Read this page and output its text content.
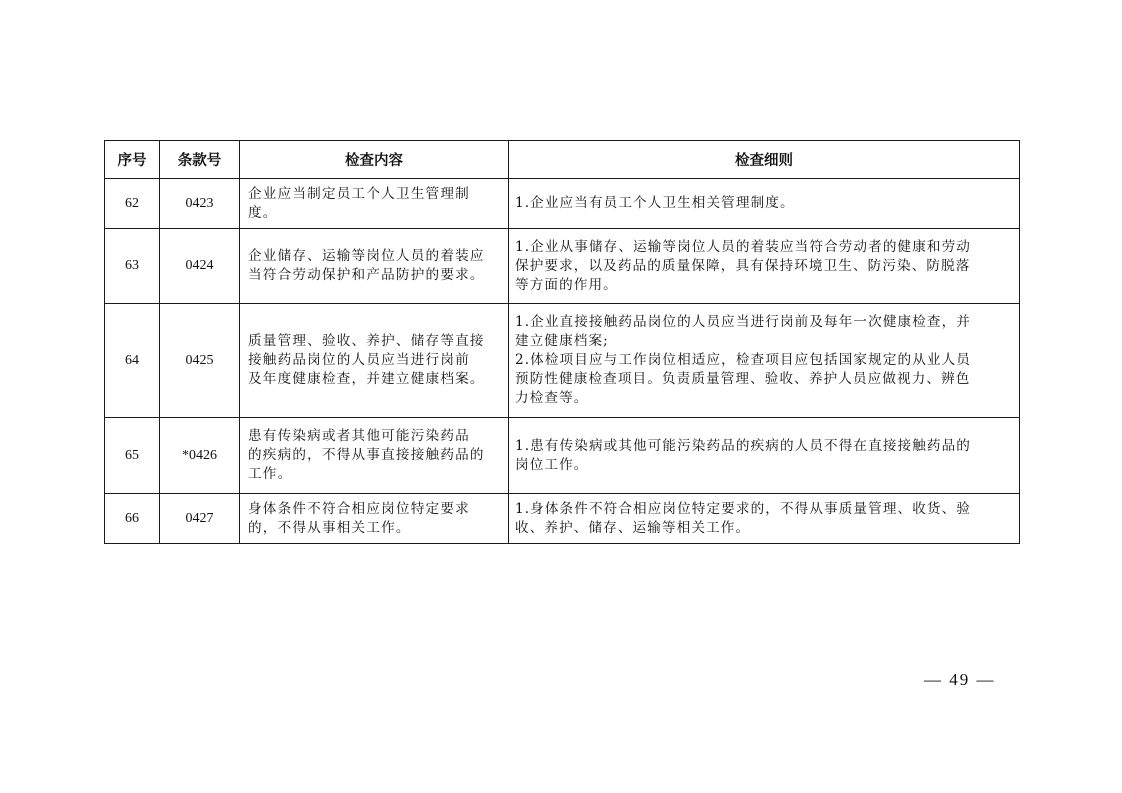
序号	条款号	检查内容	检查细则
62	0423	企业应当制定员工个人卫生管理制
度。	1.企业应当有员工个人卫生相关管理制度。

63	0424	企业储存、运输等岗位人员的着装应
当符合劳动保护和产品防护的要求。	1.企业从事储存、运输等岗位人员的着装应当符合劳动者的健康和劳动
保护要求，以及药品的质量保障，具有保持环境卫生、防污染、防脱落
等方面的作用。

64	0425	质量管理、验收、养护、储存等直接
接触药品岗位的人员应当进行岗前
及年度健康检查，并建立健康档案。	1.企业直接接触药品岗位的人员应当进行岗前及每年一次健康检查，并
建立健康档案;
2.体检项目应与工作岗位相适应，检查项目应包括国家规定的从业人员
预防性健康检查项目。负责质量管理、验收、养护人员应做视力、辨色
力检查等。

65	*0426	患有传染病或者其他可能污染药品
的疾病的，不得从事直接接触药品的
工作。	1.患有传染病或其他可能污染药品的疾病的人员不得在直接接触药品的
岗位工作。

66	0427	身体条件不符合相应岗位特定要求
的，不得从事相关工作。	1.身体条件不符合相应岗位特定要求的，不得从事质量管理、收货、验
收、养护、储存、运输等相关工作。
— 49 —
